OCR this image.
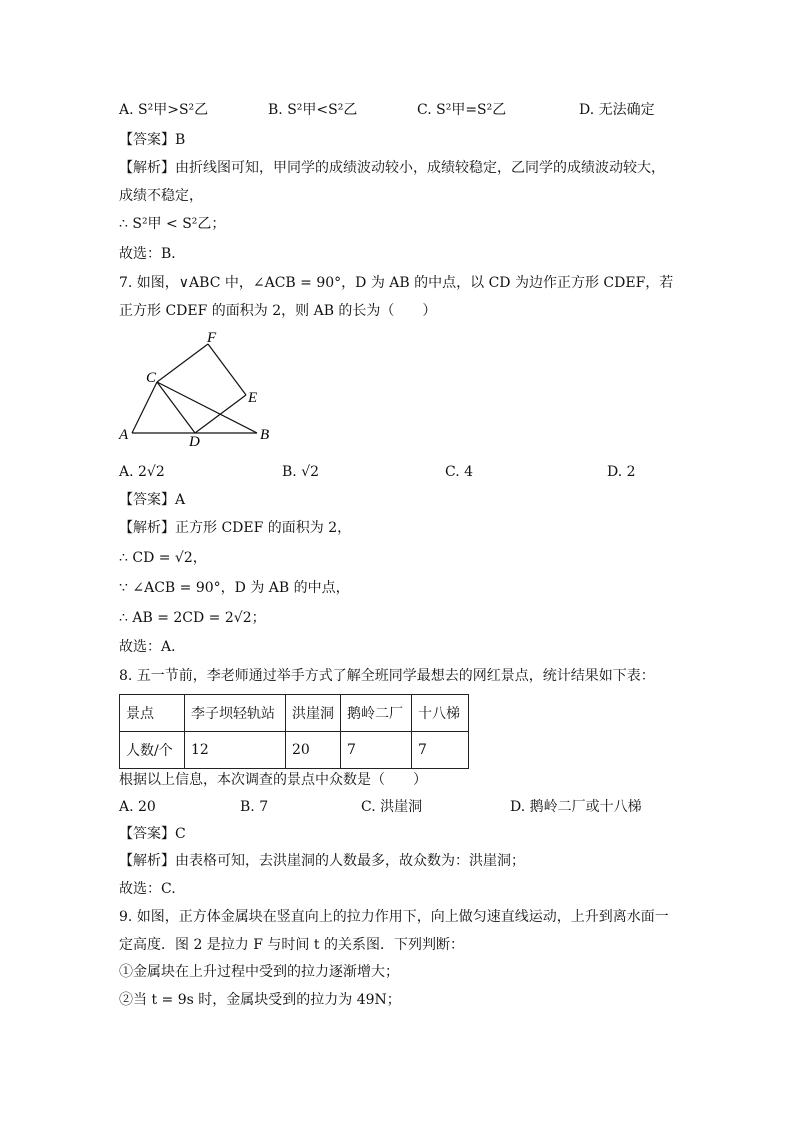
A. S²甲>S²乙	B. S²甲<S²乙	C. S²甲=S²乙	D. 无法确定
【答案】B
【解析】由折线图可知，甲同学的成绩波动较小，成绩较稳定，乙同学的成绩波动较大，
成绩不稳定，
∴ S²甲 < S²乙；
故选：B．
7. 如图，∨ABC 中，∠ACB = 90°，D 为 AB 的中点，以 CD 为边作正方形 CDEF，若
正方形 CDEF 的面积为 2，则 AB 的长为（　　）
A	B
C
D
E
F
A. 2√2	B. √2	C. 4	D. 2
【答案】A
【解析】正方形 CDEF 的面积为 2，
∴ CD = √2，
∵ ∠ACB = 90°，D 为 AB 的中点，
∴ AB = 2CD = 2√2；
故选：A．
8. 五一节前，李老师通过举手方式了解全班同学最想去的网红景点，统计结果如下表：
景点	李子坝轻轨站	洪崖洞	鹅岭二厂	十八梯
人数/个	12	20	7	7
根据以上信息，本次调查的景点中众数是（　　）
A. 20	B. 7	C. 洪崖洞	D. 鹅岭二厂或十八梯
【答案】C
【解析】由表格可知，去洪崖洞的人数最多，故众数为：洪崖洞；
故选：C.
9. 如图，正方体金属块在竖直向上的拉力作用下，向上做匀速直线运动，上升到离水面一
定高度．图 2 是拉力 F 与时间 t 的关系图．下列判断：
①金属块在上升过程中受到的拉力逐渐增大；
②当 t = 9s 时，金属块受到的拉力为 49N；
